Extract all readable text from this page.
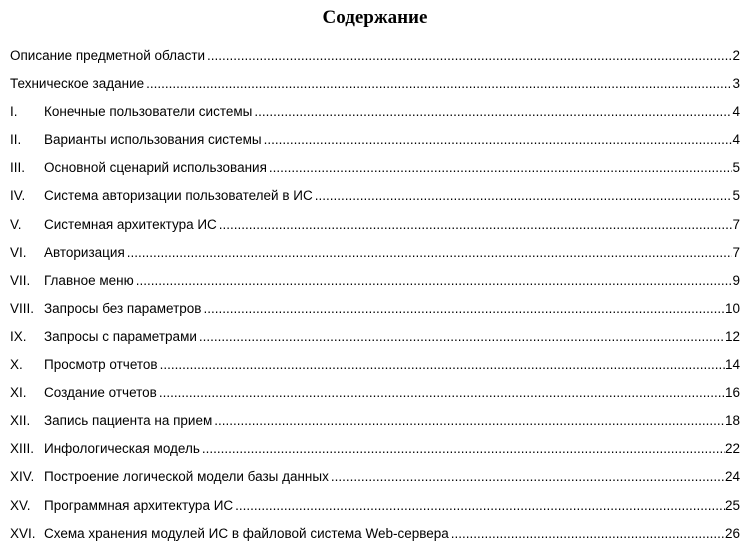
Содержание
Описание предметной области .....	2
Техническое задание .....	3
I.	Конечные пользователи системы .....	4
II.	Варианты использования системы .....	4
III.	Основной сценарий использования .....	5
IV.	Система авторизации пользователей в ИС .....	5
V.	Системная архитектура ИС .....	7
VI.	Авторизация .....	7
VII.	Главное меню .....	9
VIII. Запросы без параметров .....	10
IX.	Запросы с параметрами .....	12
X.	Просмотр отчетов .....	14
XI.	Создание отчетов .....	16
XII.	Запись пациента на прием .....	18
XIII. Инфологическая модель .....	22
XIV. Построение логической модели базы данных .....	24
XV. Программная архитектура ИС .....	25
XVI. Схема хранения модулей ИС в файловой система Web-сервера .....	26
